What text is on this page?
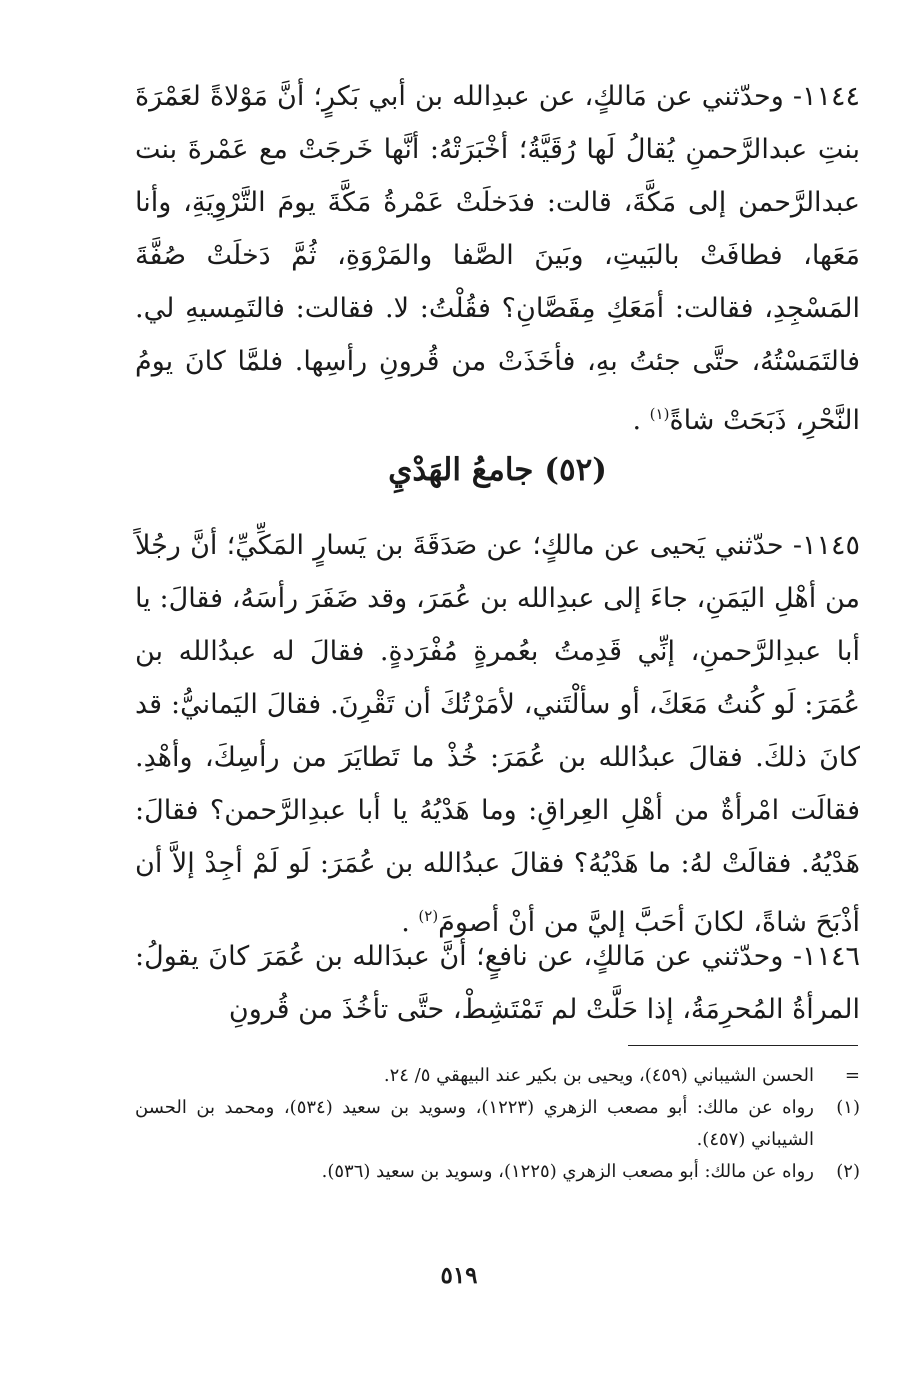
١١٤٤- وحدّثني عن مَالكٍ، عن عبدِالله بن أبي بَكرٍ؛ أنَّ مَوْلاةً لعَمْرَةَ بنتِ عبدالرَّحمنِ يُقالُ لَها رُقَيَّةُ؛ أخْبَرَتْهُ: أنَّها خَرجَتْ مع عَمْرةَ بنت عبدالرَّحمن إلى مَكَّةَ، قالت: فدَخلَتْ عَمْرةُ مَكَّةَ يومَ التَّرْوِيَةِ، وأنا مَعَها، فطافَتْ بالبَيتِ، وبَينَ الصَّفا والمَرْوَةِ، ثُمَّ دَخلَتْ صُفَّةَ المَسْجِدِ، فقالت: أمَعَكِ مِقَصَّانِ؟ فقُلْتُ: لا. فقالت: فالتَمِسيهِ لي. فالتَمَسْتُهُ، حتَّى جئتُ بهِ، فأخَذَتْ من قُرونِ رأسِها. فلمَّا كانَ يومُ النَّحْرِ، ذَبَحَتْ شاةً$^{(١)}$ .
(٥٢) جامعُ الهَدْيِ
١١٤٥- حدّثني يَحيى عن مالكٍ؛ عن صَدَقَةَ بن يَسارٍ المَكِّيِّ؛ أنَّ رجُلاً من أهْلِ اليَمَنِ، جاءَ إلى عبدِالله بن عُمَرَ، وقد ضَفَرَ رأسَهُ، فقالَ: يا أبا عبدِالرَّحمنِ، إنِّي قَدِمتُ بعُمرةٍ مُفْرَدةٍ. فقالَ له عبدُالله بن عُمَرَ: لَو كُنتُ مَعَكَ، أو سألْتَني، لأمَرْتُكَ أن تَقْرِنَ. فقالَ اليَمانيُّ: قد كانَ ذلكَ. فقالَ عبدُالله بن عُمَرَ: خُذْ ما تَطايَرَ من رأسِكَ، وأهْدِ. فقالَت امْرأةٌ من أهْلِ العِراقِ: وما هَدْيُهُ يا أبا عبدِالرَّحمن؟ فقالَ: هَدْيُهُ. فقالَتْ لهُ: ما هَدْيُهُ؟ فقالَ عبدُالله بن عُمَرَ: لَو لَمْ أجِدْ إلاَّ أن أذْبَحَ شاةً، لكانَ أحَبَّ إليَّ من أنْ أصومَ$^{(٢)}$ .
١١٤٦- وحدّثني عن مَالكٍ، عن نافعٍ؛ أنَّ عبدَالله بن عُمَرَ كانَ يقولُ: المرأةُ المُحرِمَةُ، إذا حَلَّتْ لم تَمْتَشِطْ، حتَّى تأخُذَ من قُرونِ
=
الحسن الشيباني (٤٥٩)، ويحيى بن بكير عند البيهقي ٥/ ٢٤.
(١)
رواه عن مالك: أبو مصعب الزهري (١٢٢٣)، وسويد بن سعيد (٥٣٤)، ومحمد بن الحسن الشيباني (٤٥٧).
(٢)
رواه عن مالك: أبو مصعب الزهري (١٢٢٥)، وسويد بن سعيد (٥٣٦).
٥١٩
